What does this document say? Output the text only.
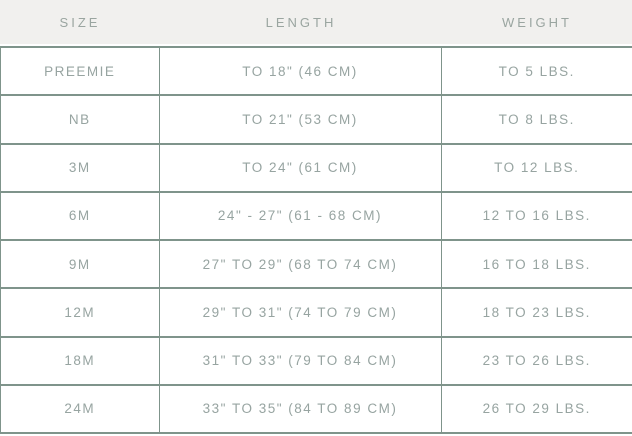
SIZE	LENGTH	WEIGHT
PREEMIE	TO 18" (46 CM)	TO 5 LBS.
NB	TO 21" (53 CM)	TO 8 LBS.
3M	TO 24" (61 CM)	TO 12 LBS.
6M	24" - 27" (61 - 68 CM)	12 TO 16 LBS.
9M	27" TO 29" (68 TO 74 CM)	16 TO 18 LBS.
12M	29" TO 31" (74 TO 79 CM)	18 TO 23 LBS.
18M	31" TO 33" (79 TO 84 CM)	23 TO 26 LBS.
24M	33" TO 35" (84 TO 89 CM)	26 TO 29 LBS.
